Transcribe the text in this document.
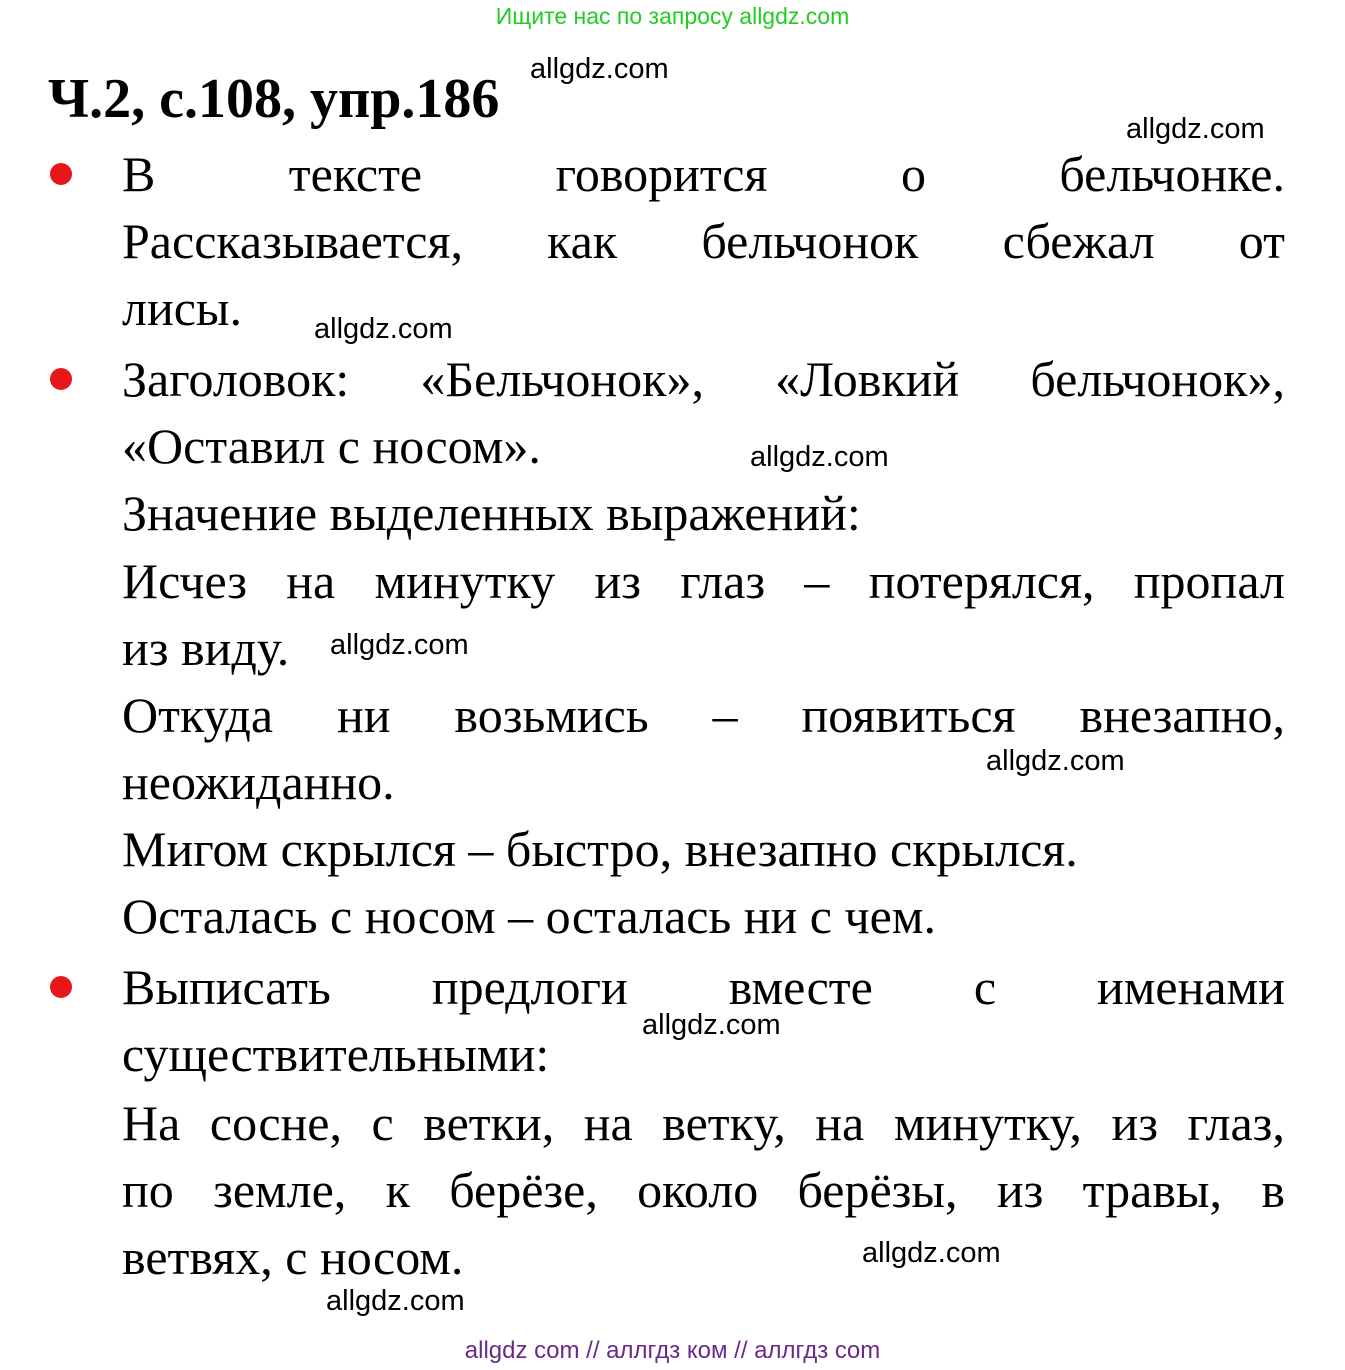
Ищите нас по запросу allgdz.com
Ч.2, с.108, упр.186 allgdz.com
allgdz.com
allgdz.com
allgdz.com
allgdz.com
allgdz.com
allgdz.com
allgdz.com
allgdz.com
В	тексте	говорится	о	бельчонке.
Рассказывается, как бельчонок сбежал от
лисы.
Заголовок: «Бельчонок», «Ловкий бельчонок»,
«Оставил с носом».
Значение выделенных выражений:
Исчез на минутку из глаз – потерялся, пропал
из виду.
Откуда ни возьмись – появиться внезапно,
неожиданно.
Мигом скрылся – быстро, внезапно скрылся.
Осталась с носом – осталась ни с чем.
Выписать предлоги вместе с именами
существительными:
На сосне, с ветки, на ветку, на минутку, из глаз,
по земле, к берёзе, около берёзы, из травы, в
ветвях, с носом.
allgdz com // аллгдз ком // аллгдз com
